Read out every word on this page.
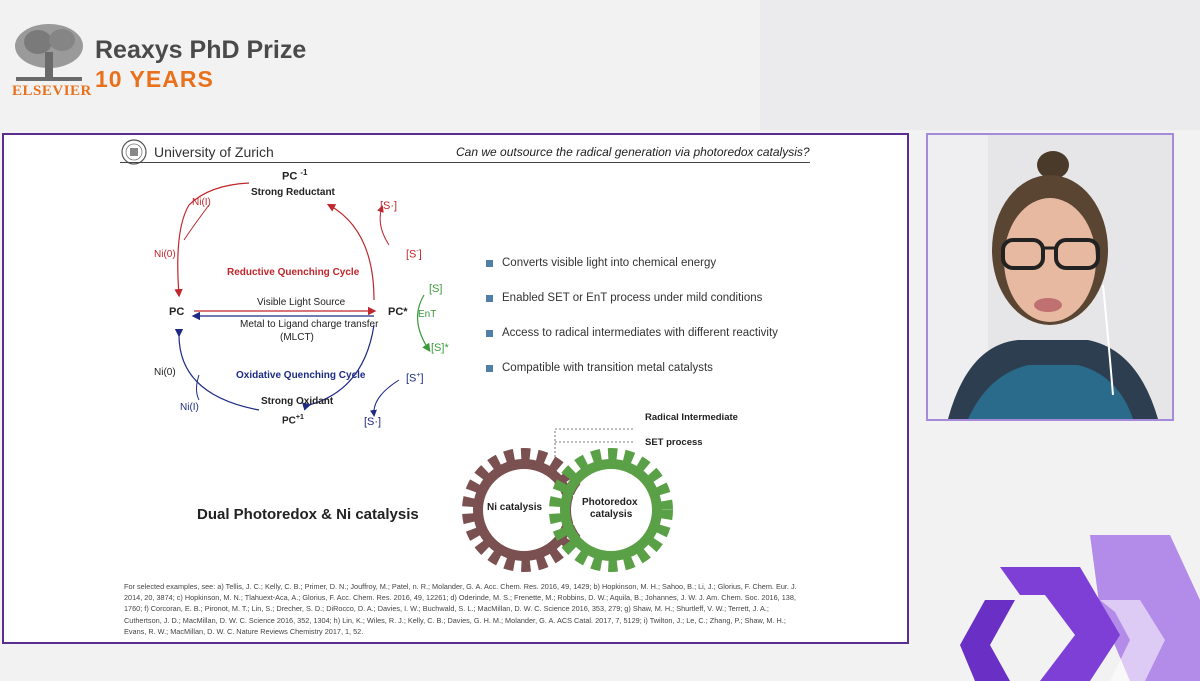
ELSEVIER
Reaxys PhD Prize
10 YEARS
University of Zurich	Can we outsource the radical generation via photoredox catalysis?
PC $^{-1}$
Strong Reductant
Reductive Quenching Cycle
PC	PC*
Visible Light Source
Metal to Ligand charge transfer
(MLCT)
Oxidative Quenching Cycle
Strong Oxidant
$PC^{+1}$
Ni(I)
Ni(0)
Ni(0)
Ni(I)
[S·]
[S-]
[S]
EnT
[S]*
[S+]
[S·]
Converts visible light into chemical energy
Enabled SET or EnT process under mild conditions
Access to radical intermediates with different reactivity
Compatible with transition metal catalysts
Radical Intermediate
SET process
Ni catalysis	Photoredox
catalysis
Dual Photoredox & Ni catalysis
For selected examples, see: a) Tellis, J. C.; Kelly, C. B.; Primer, D. N.; Jouffroy, M.; Patel, n. R.; Molander, G. A. Acc. Chem. Res. 2016, 49, 1429; b) Hopkinson, M. H.; Sahoo, B.; Li, J.; Glorius, F. Chem. Eur. J. 2014, 20, 3874; c) Hopkinson, M. N.; Tlahuext-Aca, A.; Glorius, F. Acc. Chem. Res. 2016, 49, 12261; d) Oderinde, M. S.; Frenette, M.; Robbins, D. W.; Aquila, B.; Johannes, J. W. J. Am. Chem. Soc. 2016, 138, 1760; f) Corcoran, E. B.; Pironot, M. T.; Lin, S.; Drecher, S. D.; DiRocco, D. A.; Davies, I. W.; Buchwald, S. L.; MacMillan, D. W. C. Science 2016, 353, 279; g) Shaw, M. H.; Shurtleff, V. W.; Terrett, J. A.; Cuthertson, J. D.; MacMillan, D. W. C. Science 2016, 352, 1304; h) Lin, K.; Wiles, R. J.; Kelly, C. B.; Davies, G. H. M.; Molander, G. A. ACS Catal. 2017, 7, 5129; i) Twilton, J.; Le, C.; Zhang, P.; Shaw, M. H.; Evans, R. W.; MacMillan, D. W. C. Nature Reviews Chemistry 2017, 1, 52.
